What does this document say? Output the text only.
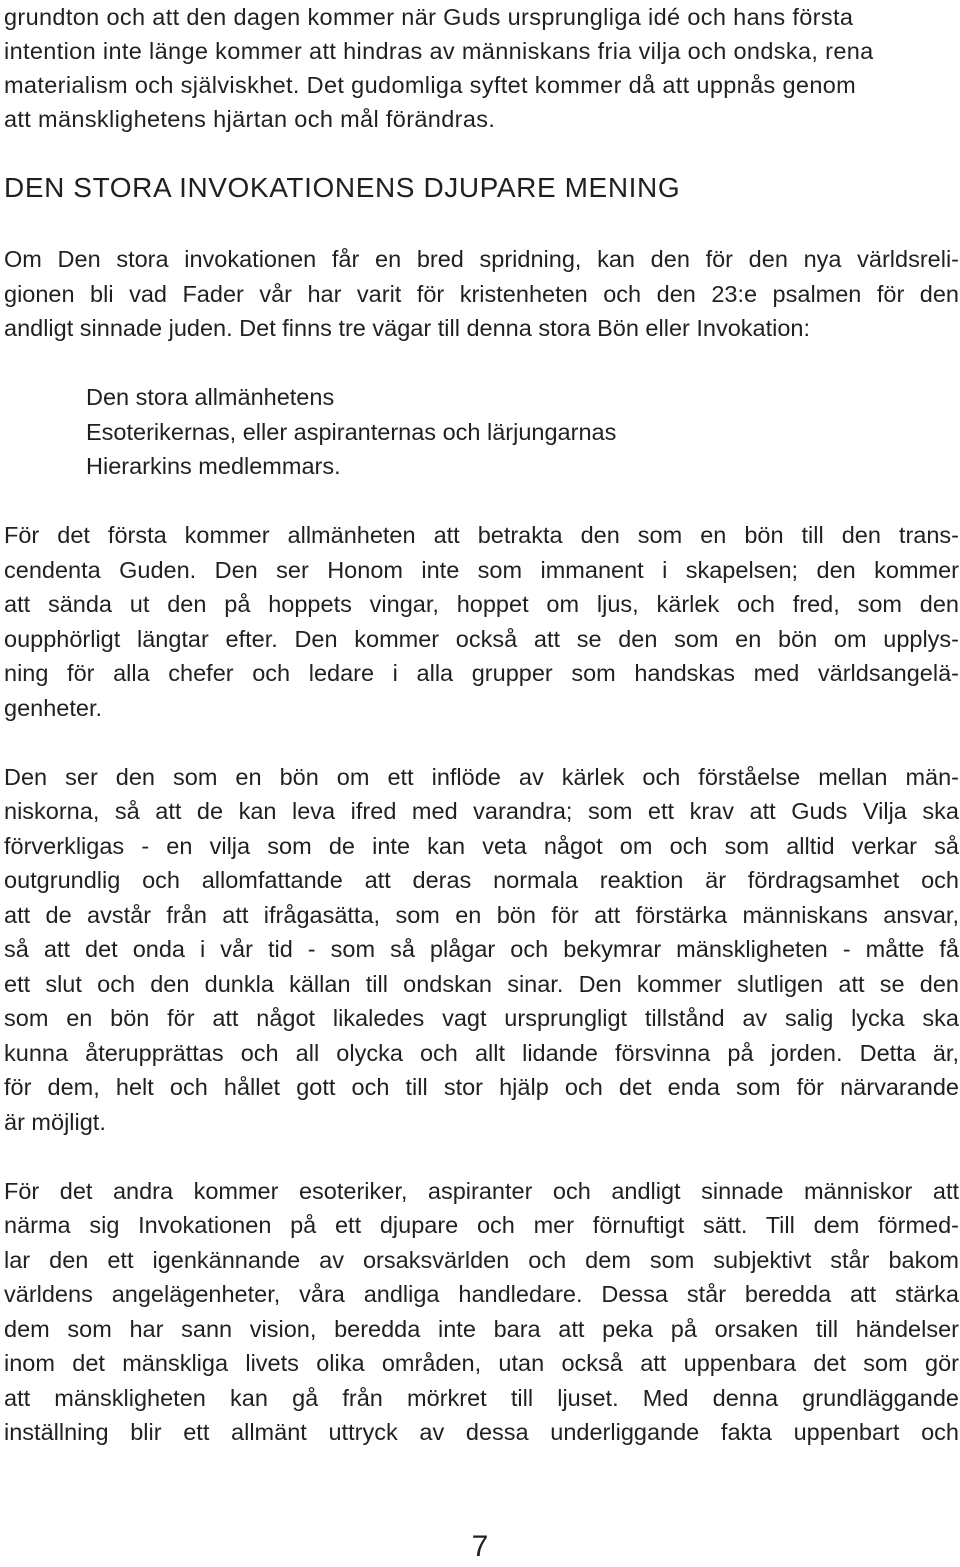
grundton och att den dagen kommer när Guds ursprungliga idé och hans första
intention inte länge kommer att hindras av människans fria vilja och ondska, rena
materialism och själviskhet. Det gudomliga syftet kommer då att uppnås genom
att mänsklighetens hjärtan och mål förändras.
DEN STORA INVOKATIONENS DJUPARE MENING
Om Den stora invokationen får en bred spridning, kan den för den nya världsreli-
gionen bli vad Fader vår har varit för kristenheten och den 23:e psalmen för den
andligt sinnade juden. Det finns tre vägar till denna stora Bön eller Invokation:
Den stora allmänhetens
Esoterikernas, eller aspiranternas och lärjungarnas
Hierarkins medlemmars.
För det första kommer allmänheten att betrakta den som en bön till den trans-
cendenta Guden. Den ser Honom inte som immanent i skapelsen; den kommer
att sända ut den på hoppets vingar, hoppet om ljus, kärlek och fred, som den
oupphörligt längtar efter. Den kommer också att se den som en bön om upplys-
ning för alla chefer och ledare i alla grupper som handskas med världsangelä-
genheter.
Den ser den som en bön om ett inflöde av kärlek och förståelse mellan män-
niskorna, så att de kan leva ifred med varandra; som ett krav att Guds Vilja ska
förverkligas - en vilja som de inte kan veta något om och som alltid verkar så
outgrundlig och allomfattande att deras normala reaktion är fördragsamhet och
att de avstår från att ifrågasätta, som en bön för att förstärka människans ansvar,
så att det onda i vår tid - som så plågar och bekymrar mänskligheten - måtte få
ett slut och den dunkla källan till ondskan sinar. Den kommer slutligen att se den
som en bön för att något likaledes vagt ursprungligt tillstånd av salig lycka ska
kunna återupprättas och all olycka och allt lidande försvinna på jorden. Detta är,
för dem, helt och hållet gott och till stor hjälp och det enda som för närvarande
är möjligt.
För det andra kommer esoteriker, aspiranter och andligt sinnade människor att
närma sig Invokationen på ett djupare och mer förnuftigt sätt. Till dem förmed-
lar den ett igenkännande av orsaksvärlden och dem som subjektivt står bakom
världens angelägenheter, våra andliga handledare. Dessa står beredda att stärka
dem som har sann vision, beredda inte bara att peka på orsaken till händelser
inom det mänskliga livets olika områden, utan också att uppenbara det som gör
att mänskligheten kan gå från mörkret till ljuset. Med denna grundläggande
inställning blir ett allmänt uttryck av dessa underliggande fakta uppenbart och
7
